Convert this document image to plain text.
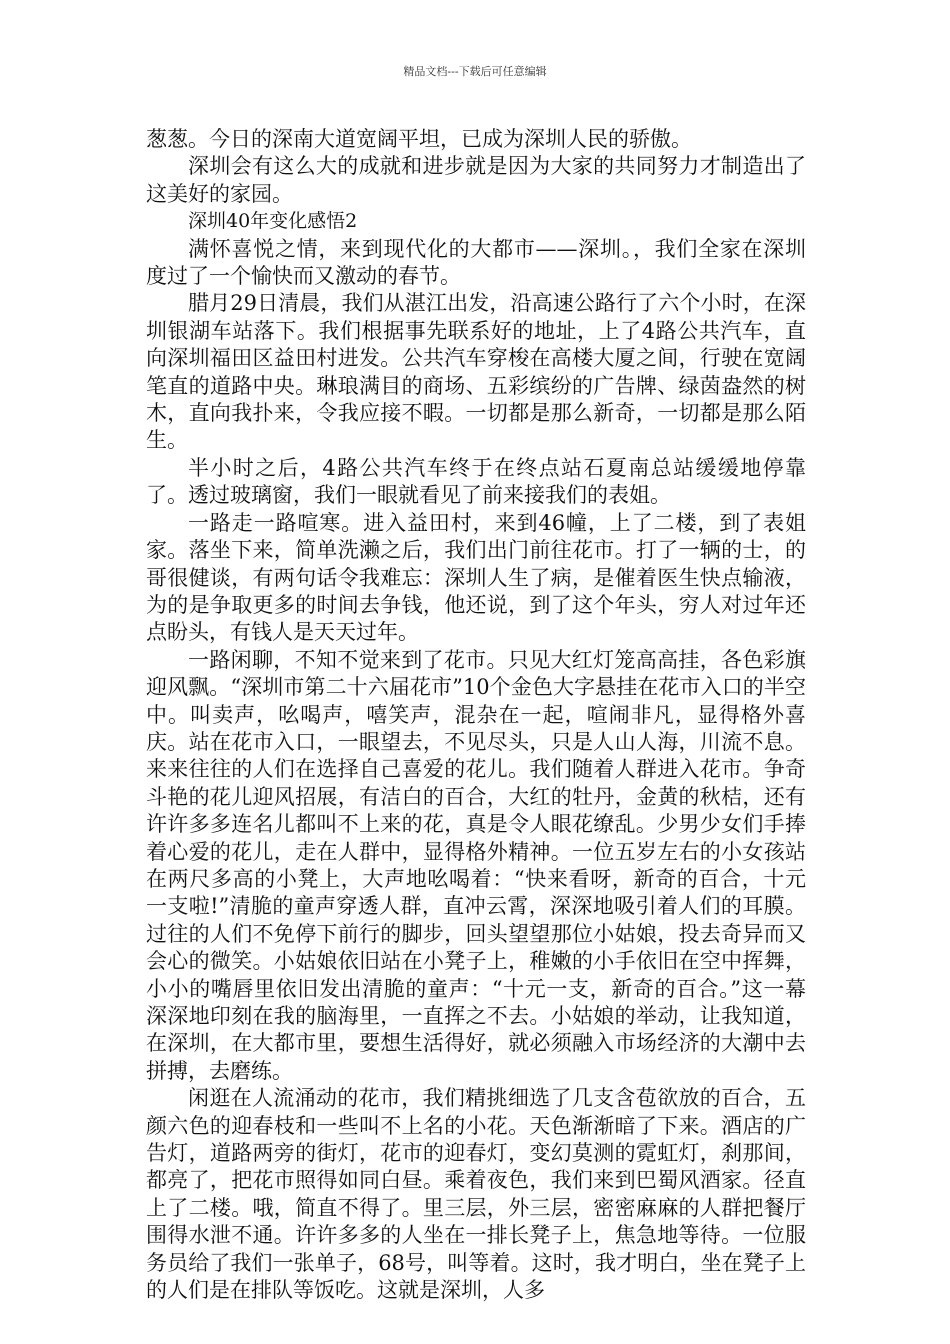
精品文档---下载后可任意编辑

葱葱。今日的深南大道宽阔平坦，已成为深圳人民的骄傲。

深圳会有这么大的成就和进步就是因为大家的共同努力才制造出了这美好的家园。

深圳40年变化感悟2

满怀喜悦之情，来到现代化的大都市——深圳。，我们全家在深圳度过了一个愉快而又激动的春节。

腊月29日清晨，我们从湛江出发，沿高速公路行了六个小时，在深圳银湖车站落下。我们根据事先联系好的地址，上了4路公共汽车，直向深圳福田区益田村进发。公共汽车穿梭在高楼大厦之间，行驶在宽阔笔直的道路中央。琳琅满目的商场、五彩缤纷的广告牌、绿茵盎然的树木，直向我扑来，令我应接不暇。一切都是那么新奇，一切都是那么陌生。

半小时之后，4路公共汽车终于在终点站石夏南总站缓缓地停靠了。透过玻璃窗，我们一眼就看见了前来接我们的表姐。

一路走一路喧寒。进入益田村，来到46幢，上了二楼，到了表姐家。落坐下来，简单洗濑之后，我们出门前往花市。打了一辆的士，的哥很健谈，有两句话令我难忘：深圳人生了病，是催着医生快点输液，为的是争取更多的时间去争钱，他还说，到了这个年头，穷人对过年还点盼头，有钱人是天天过年。

一路闲聊，不知不觉来到了花市。只见大红灯笼高高挂，各色彩旗迎风飘。“深圳市第二十六届花市”10个金色大字悬挂在花市入口的半空中。叫卖声，吆喝声，嘻笑声，混杂在一起，喧闹非凡，显得格外喜庆。站在花市入口，一眼望去，不见尽头，只是人山人海，川流不息。来来往往的人们在选择自己喜爱的花儿。我们随着人群进入花市。争奇斗艳的花儿迎风招展，有洁白的百合，大红的牡丹，金黄的秋桔，还有许许多多连名儿都叫不上来的花，真是令人眼花缭乱。少男少女们手捧着心爱的花儿，走在人群中，显得格外精神。一位五岁左右的小女孩站在两尺多高的小凳上，大声地吆喝着：“快来看呀，新奇的百合，十元一支啦!”清脆的童声穿透人群，直冲云霄，深深地吸引着人们的耳膜。过往的人们不免停下前行的脚步，回头望望那位小姑娘，投去奇异而又会心的微笑。小姑娘依旧站在小凳子上，稚嫩的小手依旧在空中挥舞，小小的嘴唇里依旧发出清脆的童声：“十元一支，新奇的百合。”这一幕深深地印刻在我的脑海里，一直挥之不去。小姑娘的举动，让我知道，在深圳，在大都市里，要想生活得好，就必须融入市场经济的大潮中去拼搏，去磨练。

闲逛在人流涌动的花市，我们精挑细选了几支含苞欲放的百合，五颜六色的迎春枝和一些叫不上名的小花。天色渐渐暗了下来。酒店的广告灯，道路两旁的街灯，花市的迎春灯，变幻莫测的霓虹灯，刹那间，都亮了，把花市照得如同白昼。乘着夜色，我们来到巴蜀风酒家。径直上了二楼。哦，简直不得了。里三层，外三层，密密麻麻的人群把餐厅围得水泄不通。许许多多的人坐在一排长凳子上，焦急地等待。一位服务员给了我们一张单子，68号，叫等着。这时，我才明白，坐在凳子上的人们是在排队等饭吃。这就是深圳，人多
